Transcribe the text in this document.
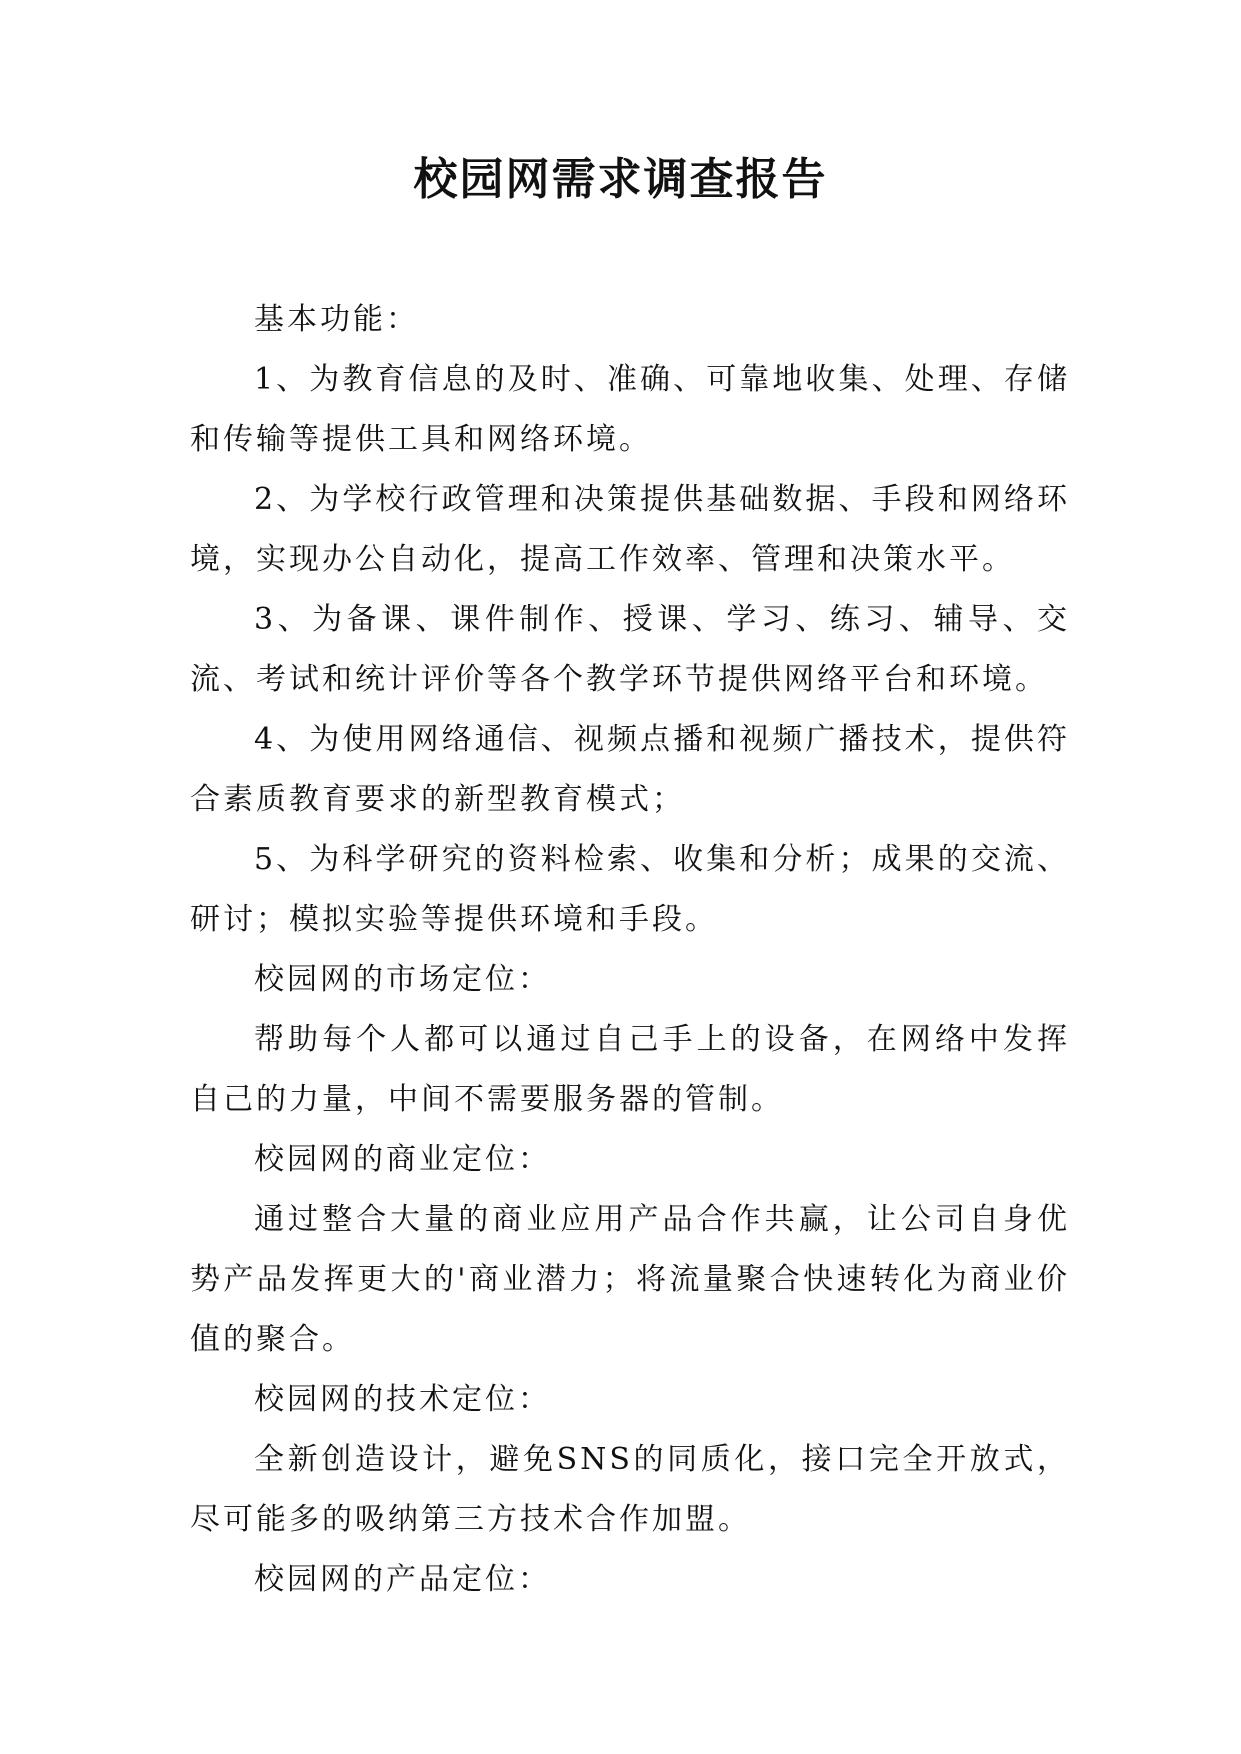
校园网需求调查报告

基本功能：

1、为教育信息的及时、准确、可靠地收集、处理、存储和传输等提供工具和网络环境。

2、为学校行政管理和决策提供基础数据、手段和网络环境，实现办公自动化，提高工作效率、管理和决策水平。

3、为备课、课件制作、授课、学习、练习、辅导、交流、考试和统计评价等各个教学环节提供网络平台和环境。

4、为使用网络通信、视频点播和视频广播技术，提供符合素质教育要求的新型教育模式；

5、为科学研究的资料检索、收集和分析；成果的交流、研讨；模拟实验等提供环境和手段。

校园网的市场定位：

帮助每个人都可以通过自己手上的设备，在网络中发挥自己的力量，中间不需要服务器的管制。

校园网的商业定位：

通过整合大量的商业应用产品合作共赢，让公司自身优势产品发挥更大的'商业潜力；将流量聚合快速转化为商业价值的聚合。

校园网的技术定位：

全新创造设计，避免SNS的同质化，接口完全开放式，尽可能多的吸纳第三方技术合作加盟。

校园网的产品定位：
